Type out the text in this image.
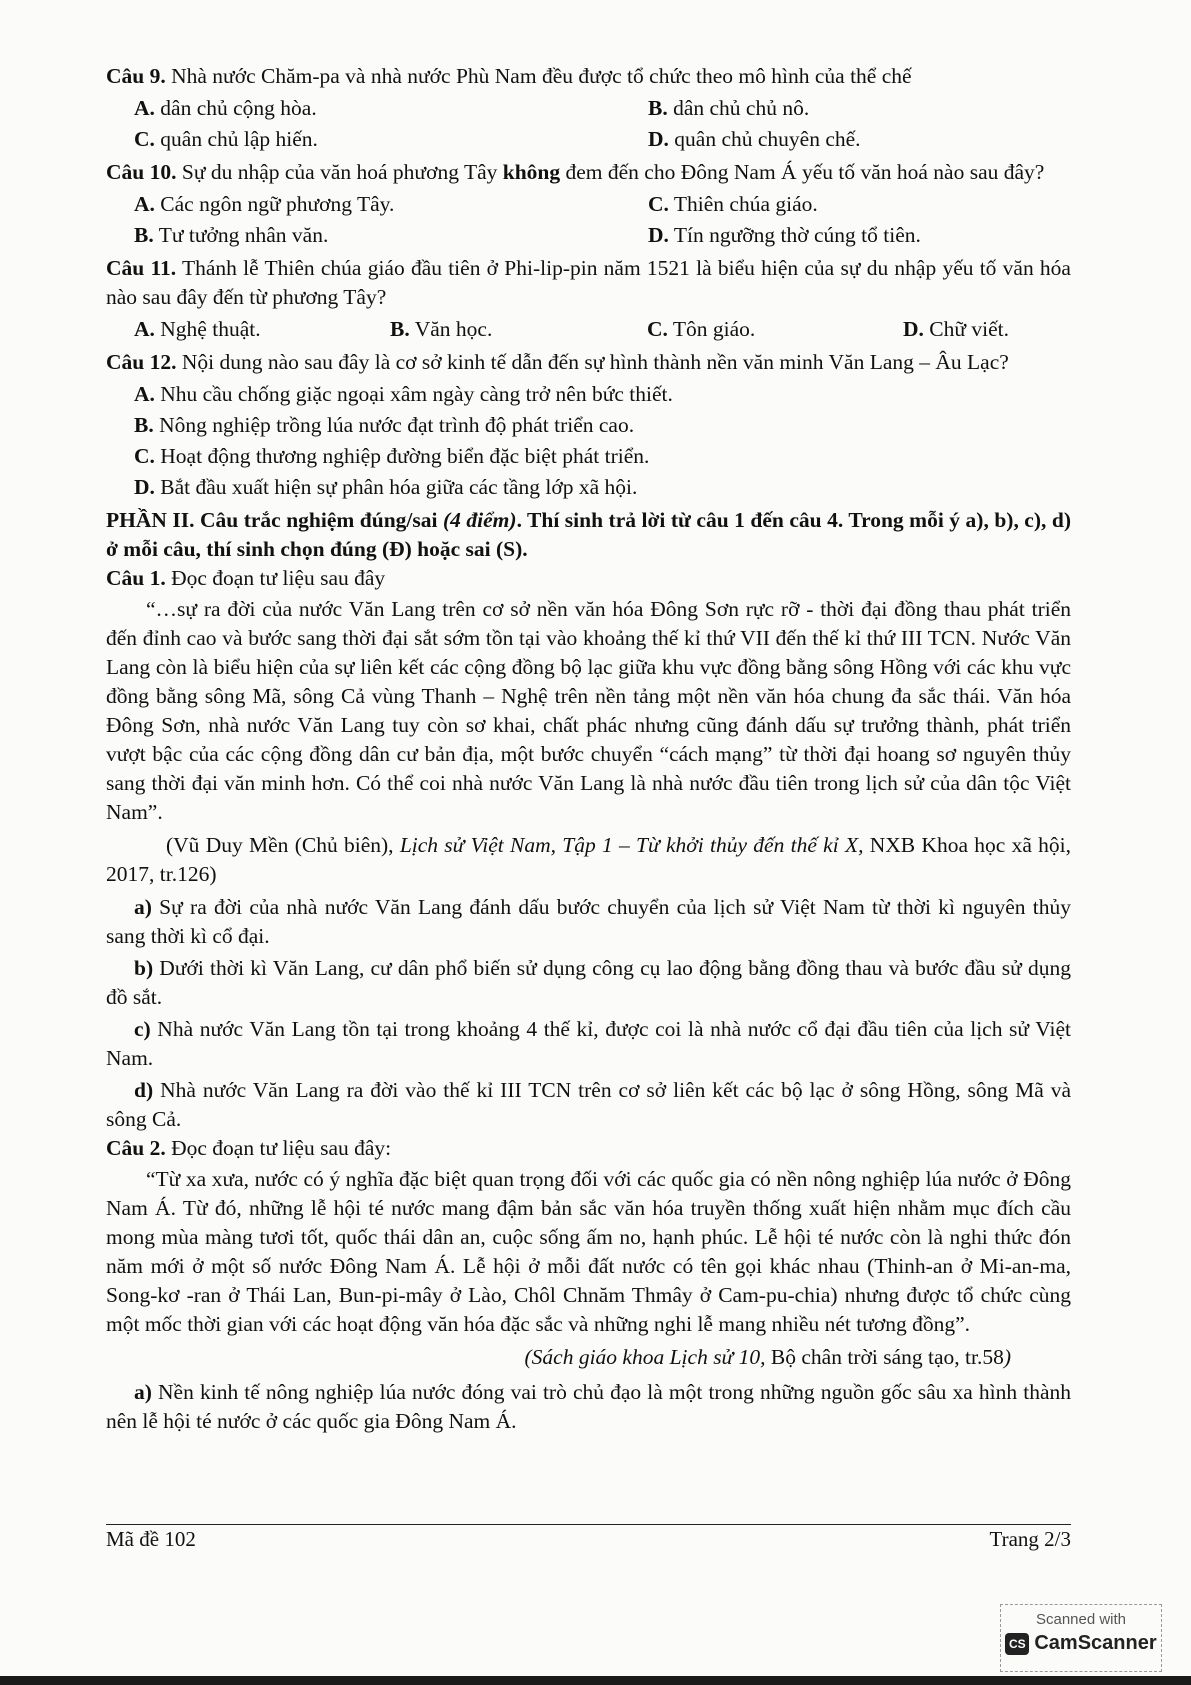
Câu 9. Nhà nước Chăm-pa và nhà nước Phù Nam đều được tổ chức theo mô hình của thể chế

A. dân chủ cộng hòa.	B. dân chủ chủ nô.
C. quân chủ lập hiến.	D. quân chủ chuyên chế.

Câu 10. Sự du nhập của văn hoá phương Tây không đem đến cho Đông Nam Á yếu tố văn hoá nào sau đây?

A. Các ngôn ngữ phương Tây.	C. Thiên chúa giáo.
B. Tư tưởng nhân văn.	D. Tín ngưỡng thờ cúng tổ tiên.

Câu 11. Thánh lễ Thiên chúa giáo đầu tiên ở Phi-lip-pin năm 1521 là biểu hiện của sự du nhập yếu tố văn hóa nào sau đây đến từ phương Tây?

A. Nghệ thuật.	B. Văn học.	C. Tôn giáo.	D. Chữ viết.

Câu 12. Nội dung nào sau đây là cơ sở kinh tế dẫn đến sự hình thành nền văn minh Văn Lang – Âu Lạc?

A. Nhu cầu chống giặc ngoại xâm ngày càng trở nên bức thiết.
B. Nông nghiệp trồng lúa nước đạt trình độ phát triển cao.
C. Hoạt động thương nghiệp đường biển đặc biệt phát triển.
D. Bắt đầu xuất hiện sự phân hóa giữa các tầng lớp xã hội.

PHẦN II. Câu trắc nghiệm đúng/sai (4 điểm). Thí sinh trả lời từ câu 1 đến câu 4. Trong mỗi ý a), b), c), d) ở mỗi câu, thí sinh chọn đúng (Đ) hoặc sai (S).

Câu 1. Đọc đoạn tư liệu sau đây

“…sự ra đời của nước Văn Lang trên cơ sở nền văn hóa Đông Sơn rực rỡ - thời đại đồng thau phát triển đến đỉnh cao và bước sang thời đại sắt sớm tồn tại vào khoảng thế kỉ thứ VII đến thế kỉ thứ III TCN. Nước Văn Lang còn là biểu hiện của sự liên kết các cộng đồng bộ lạc giữa khu vực đồng bằng sông Hồng với các khu vực đồng bằng sông Mã, sông Cả vùng Thanh – Nghệ trên nền tảng một nền văn hóa chung đa sắc thái. Văn hóa Đông Sơn, nhà nước Văn Lang tuy còn sơ khai, chất phác nhưng cũng đánh dấu sự trưởng thành, phát triển vượt bậc của các cộng đồng dân cư bản địa, một bước chuyển “cách mạng” từ thời đại hoang sơ nguyên thủy sang thời đại văn minh hơn. Có thể coi nhà nước Văn Lang là nhà nước đầu tiên trong lịch sử của dân tộc Việt Nam”.

(Vũ Duy Mền (Chủ biên), Lịch sử Việt Nam, Tập 1 – Từ khởi thủy đến thế kỉ X, NXB Khoa học xã hội, 2017, tr.126)

a) Sự ra đời của nhà nước Văn Lang đánh dấu bước chuyển của lịch sử Việt Nam từ thời kì nguyên thủy sang thời kì cổ đại.

b) Dưới thời kì Văn Lang, cư dân phổ biến sử dụng công cụ lao động bằng đồng thau và bước đầu sử dụng đồ sắt.

c) Nhà nước Văn Lang tồn tại trong khoảng 4 thế kỉ, được coi là nhà nước cổ đại đầu tiên của lịch sử Việt Nam.

d) Nhà nước Văn Lang ra đời vào thế kỉ III TCN trên cơ sở liên kết các bộ lạc ở sông Hồng, sông Mã và sông Cả.

Câu 2. Đọc đoạn tư liệu sau đây:

“Từ xa xưa, nước có ý nghĩa đặc biệt quan trọng đối với các quốc gia có nền nông nghiệp lúa nước ở Đông Nam Á. Từ đó, những lễ hội té nước mang đậm bản sắc văn hóa truyền thống xuất hiện nhằm mục đích cầu mong mùa màng tươi tốt, quốc thái dân an, cuộc sống ấm no, hạnh phúc. Lễ hội té nước còn là nghi thức đón năm mới ở một số nước Đông Nam Á. Lễ hội ở mỗi đất nước có tên gọi khác nhau (Thinh-an ở Mi-an-ma, Song-kơ -ran ở Thái Lan, Bun-pi-mây ở Lào, Chôl Chnăm Thmây ở Cam-pu-chia) nhưng được tổ chức cùng một mốc thời gian với các hoạt động văn hóa đặc sắc và những nghi lễ mang nhiều nét tương đồng”.

(Sách giáo khoa Lịch sử 10, Bộ chân trời sáng tạo, tr.58)

a) Nền kinh tế nông nghiệp lúa nước đóng vai trò chủ đạo là một trong những nguồn gốc sâu xa hình thành nên lễ hội té nước ở các quốc gia Đông Nam Á.

Mã đề 102	Trang 2/3
Scanned with
CS CamScanner
